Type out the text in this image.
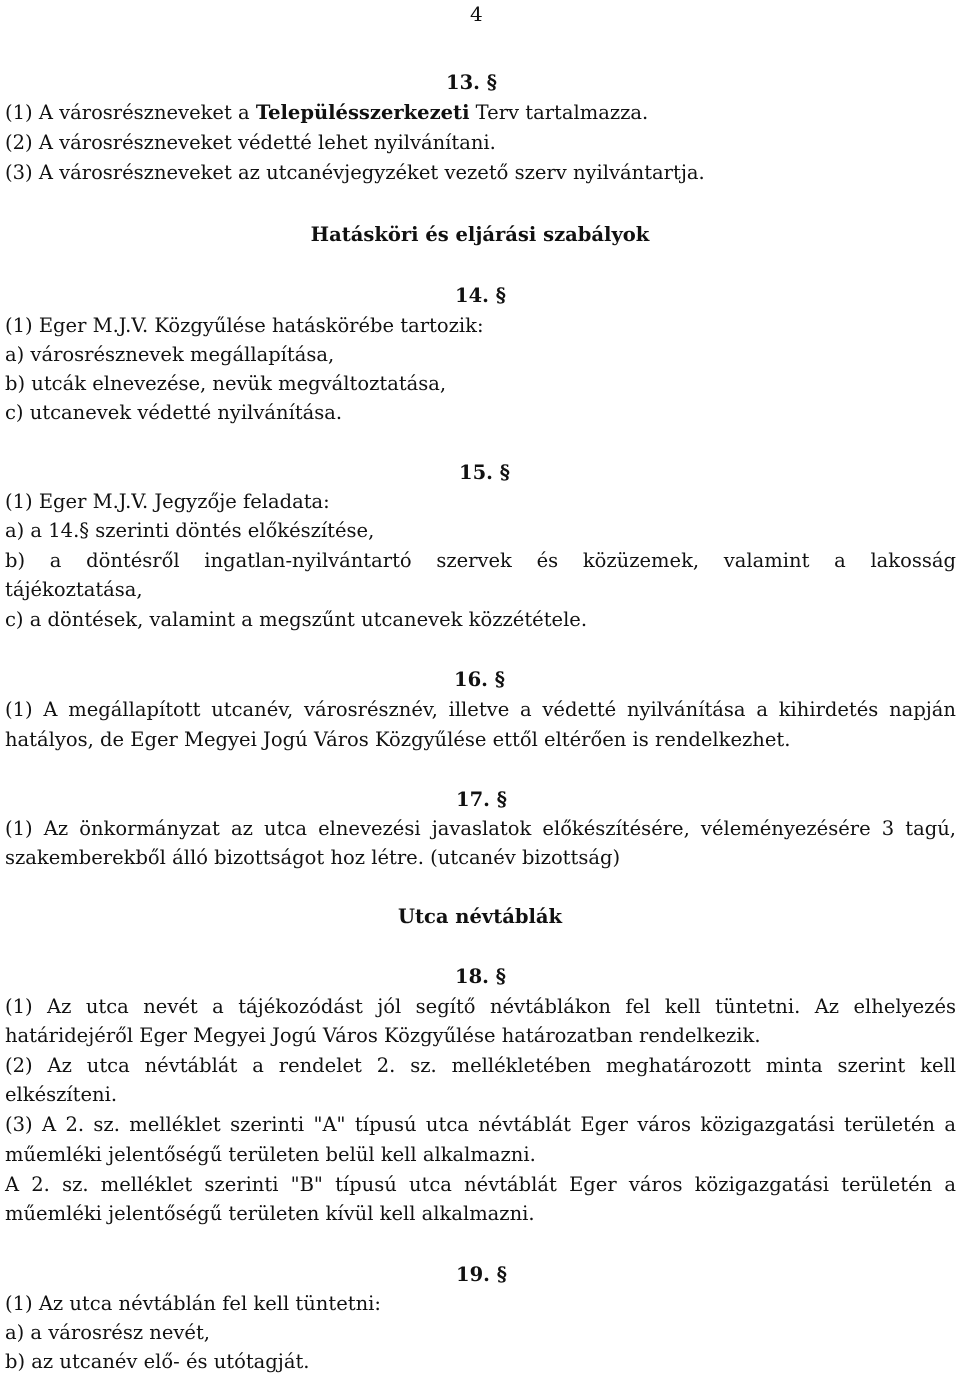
4
13. §
(1) A városrészneveket a Településszerkezeti Terv tartalmazza.
(2) A városrészneveket védetté lehet nyilvánítani.
(3) A városrészneveket az utcanévjegyzéket vezető szerv nyilvántartja.
Hatásköri és eljárási szabályok
14. §
(1) Eger M.J.V. Közgyűlése hatáskörébe tartozik:
a) városrésznevek megállapítása,
b) utcák elnevezése, nevük megváltoztatása,
c) utcanevek védetté nyilvánítása.
15. §
(1) Eger M.J.V. Jegyzője feladata:
a) a 14.§ szerinti döntés előkészítése,
b) a döntésről ingatlan-nyilvántartó szervek és közüzemek, valamint a lakosság
tájékoztatása,
c) a döntések, valamint a megszűnt utcanevek közzététele.
16. §
(1) A megállapított utcanév, városrésznév, illetve a védetté nyilvánítása a kihirdetés napján
hatályos, de Eger Megyei Jogú Város Közgyűlése ettől eltérően is rendelkezhet.
17. §
(1) Az önkormányzat az utca elnevezési javaslatok előkészítésére, véleményezésére 3 tagú,
szakemberekből álló bizottságot hoz létre. (utcanév bizottság)
Utca névtáblák
18. §
(1) Az utca nevét a tájékozódást jól segítő névtáblákon fel kell tüntetni. Az elhelyezés
határidejéről Eger Megyei Jogú Város Közgyűlése határozatban rendelkezik.
(2) Az utca névtáblát a rendelet 2. sz. mellékletében meghatározott minta szerint kell
elkészíteni.
(3) A 2. sz. melléklet szerinti "A" típusú utca névtáblát Eger város közigazgatási területén a
műemléki jelentőségű területen belül kell alkalmazni.
A 2. sz. melléklet szerinti "B" típusú utca névtáblát Eger város közigazgatási területén a
műemléki jelentőségű területen kívül kell alkalmazni.
19. §
(1) Az utca névtáblán fel kell tüntetni:
a) a városrész nevét,
b) az utcanév elő- és utótagját.
